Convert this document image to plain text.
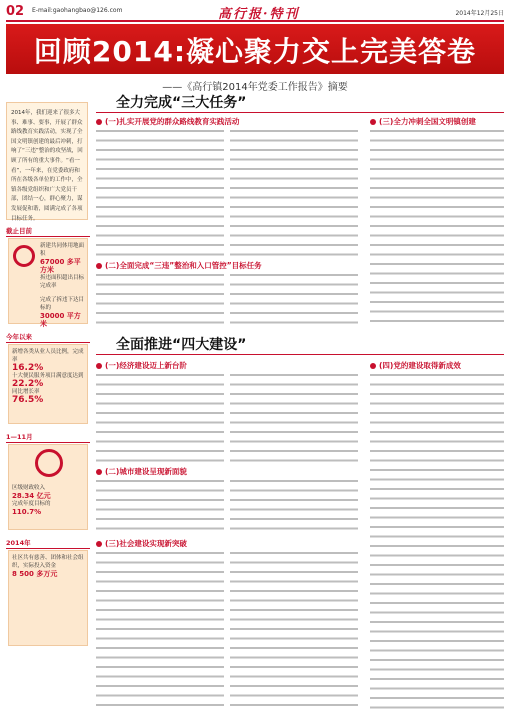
02 E-mail:gaohangbao@126.com	高行报·特刊	2014年12月25日
回顾2014:凝心聚力交上完美答卷
——《高行镇2014年党委工作报告》摘要
2014年，我们迎来了很多大事、难事、要事，开展了群众路线教育实践活动，实现了全国文明镇创建的最后冲刺，打响了“三违”整治的攻坚战，回顾了所有的重大事件。“看一看”，一年来，在党委政府和所在各级各单位的工作中，全镇各级党组织和广大党员干部，团结一心，群心聚力，谋发展促和谐，圆满完成了各项目标任务。
截止目前
新建共同体用地面积
67000 多平方米
拆违面积超出目标完成率
完成了拆违下达目标的
30000 平方米
今年以来
新增各类从业人员比例，完成率
16.2%
十大便民服务项目满意度达到
22.2%
同比增长率
76.5%
1—11月
区级财政收入
28.34 亿元
完成年度目标的
110.7%
2014年
社区共有慈善、团体和社会组织，实际投入资金
8 500 多万元
全力完成“三大任务”
(一)扎实开展党的群众路线教育实践活动
(二)全面完成“三违”整治和入口管控”目标任务
(三)全力冲刺全国文明镇创建
全面推进“四大建设”
(一)经济建设迈上新台阶
(二)城市建设呈现新面貌
(三)社会建设实现新突破
(四)党的建设取得新成效
